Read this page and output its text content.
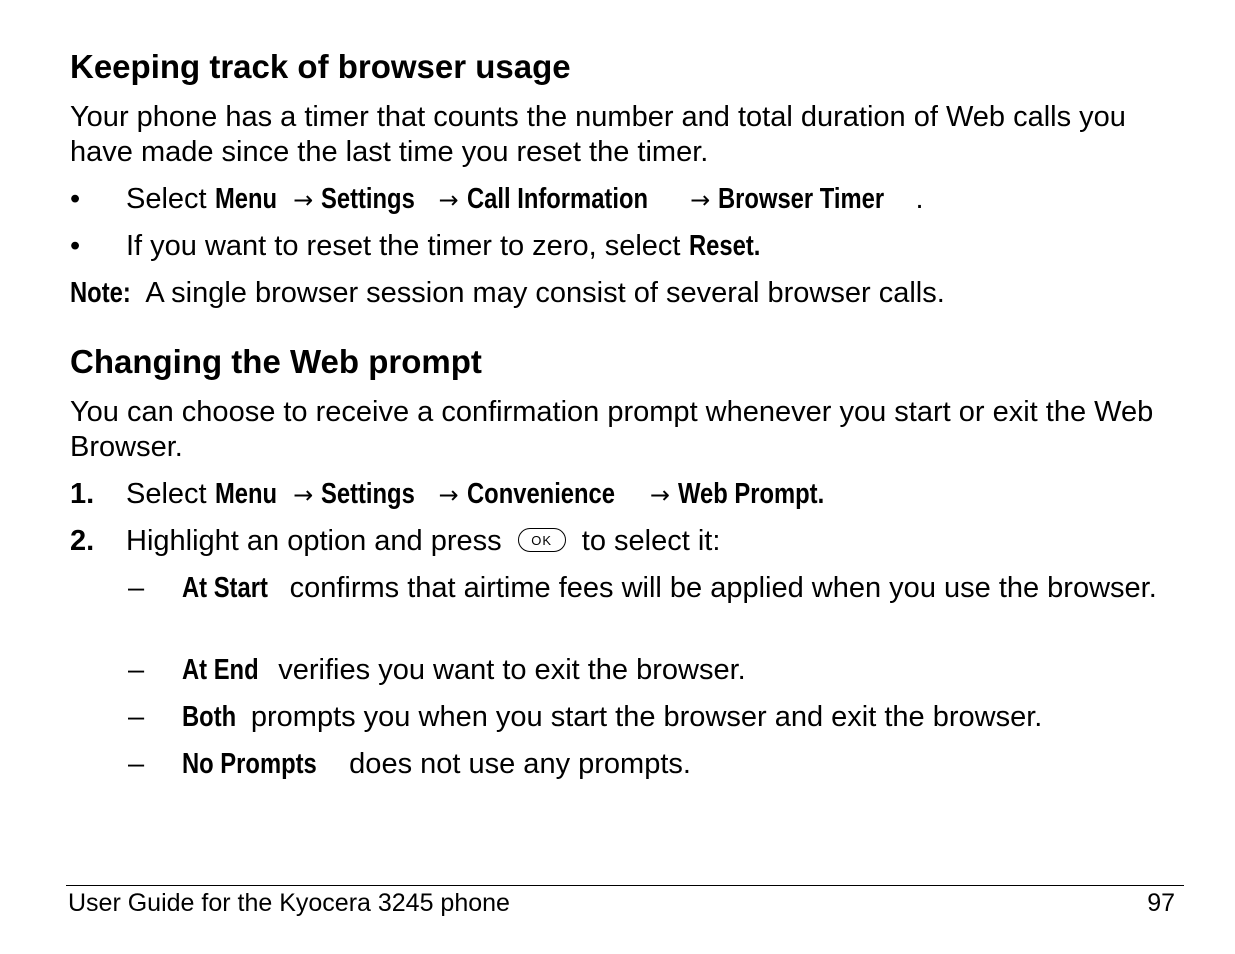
Keeping track of browser usage
Your phone has a timer that counts the number and total duration of Web calls you have made since the last time you reset the timer.
• Select Menu → Settings → Call Information → Browser Timer .
• If you want to reset the timer to zero, select Reset.
Note: A single browser session may consist of several browser calls.
Changing the Web prompt
You can choose to receive a confirmation prompt whenever you start or exit the Web Browser.
1. Select Menu → Settings → Convenience → Web Prompt.
2. Highlight an option and press OK to select it:
– At Start confirms that airtime fees will be applied when you use the browser.
– At End verifies you want to exit the browser.
– Both prompts you when you start the browser and exit the browser.
– No Prompts does not use any prompts.
User Guide for the Kyocera 3245 phone	97
